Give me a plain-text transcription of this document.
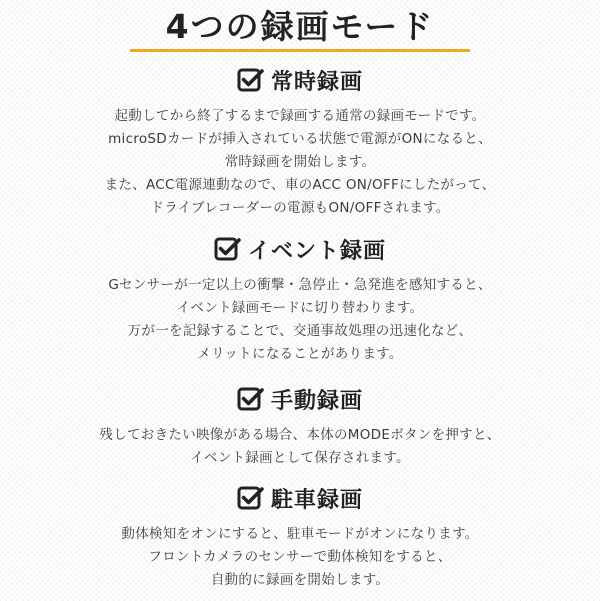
4つの録画モード
常時録画
起動してから終了するまで録画する通常の録画モードです。
microSDカードが挿入されている状態で電源がONになると、
常時録画を開始します。
また、ACC電源連動なので、車のACC ON/OFFにしたがって、
ドライブレコーダーの電源もON/OFFされます。
イベント録画
Gセンサーが一定以上の衝撃・急停止・急発進を感知すると、
イベント録画モードに切り替わります。
万が一を記録することで、交通事故処理の迅速化など、
メリットになることがあります。
手動録画
残しておきたい映像がある場合、本体のMODEボタンを押すと、
イベント録画として保存されます。
駐車録画
動体検知をオンにすると、駐車モードがオンになります。
フロントカメラのセンサーで動体検知をすると、
自動的に録画を開始します。
